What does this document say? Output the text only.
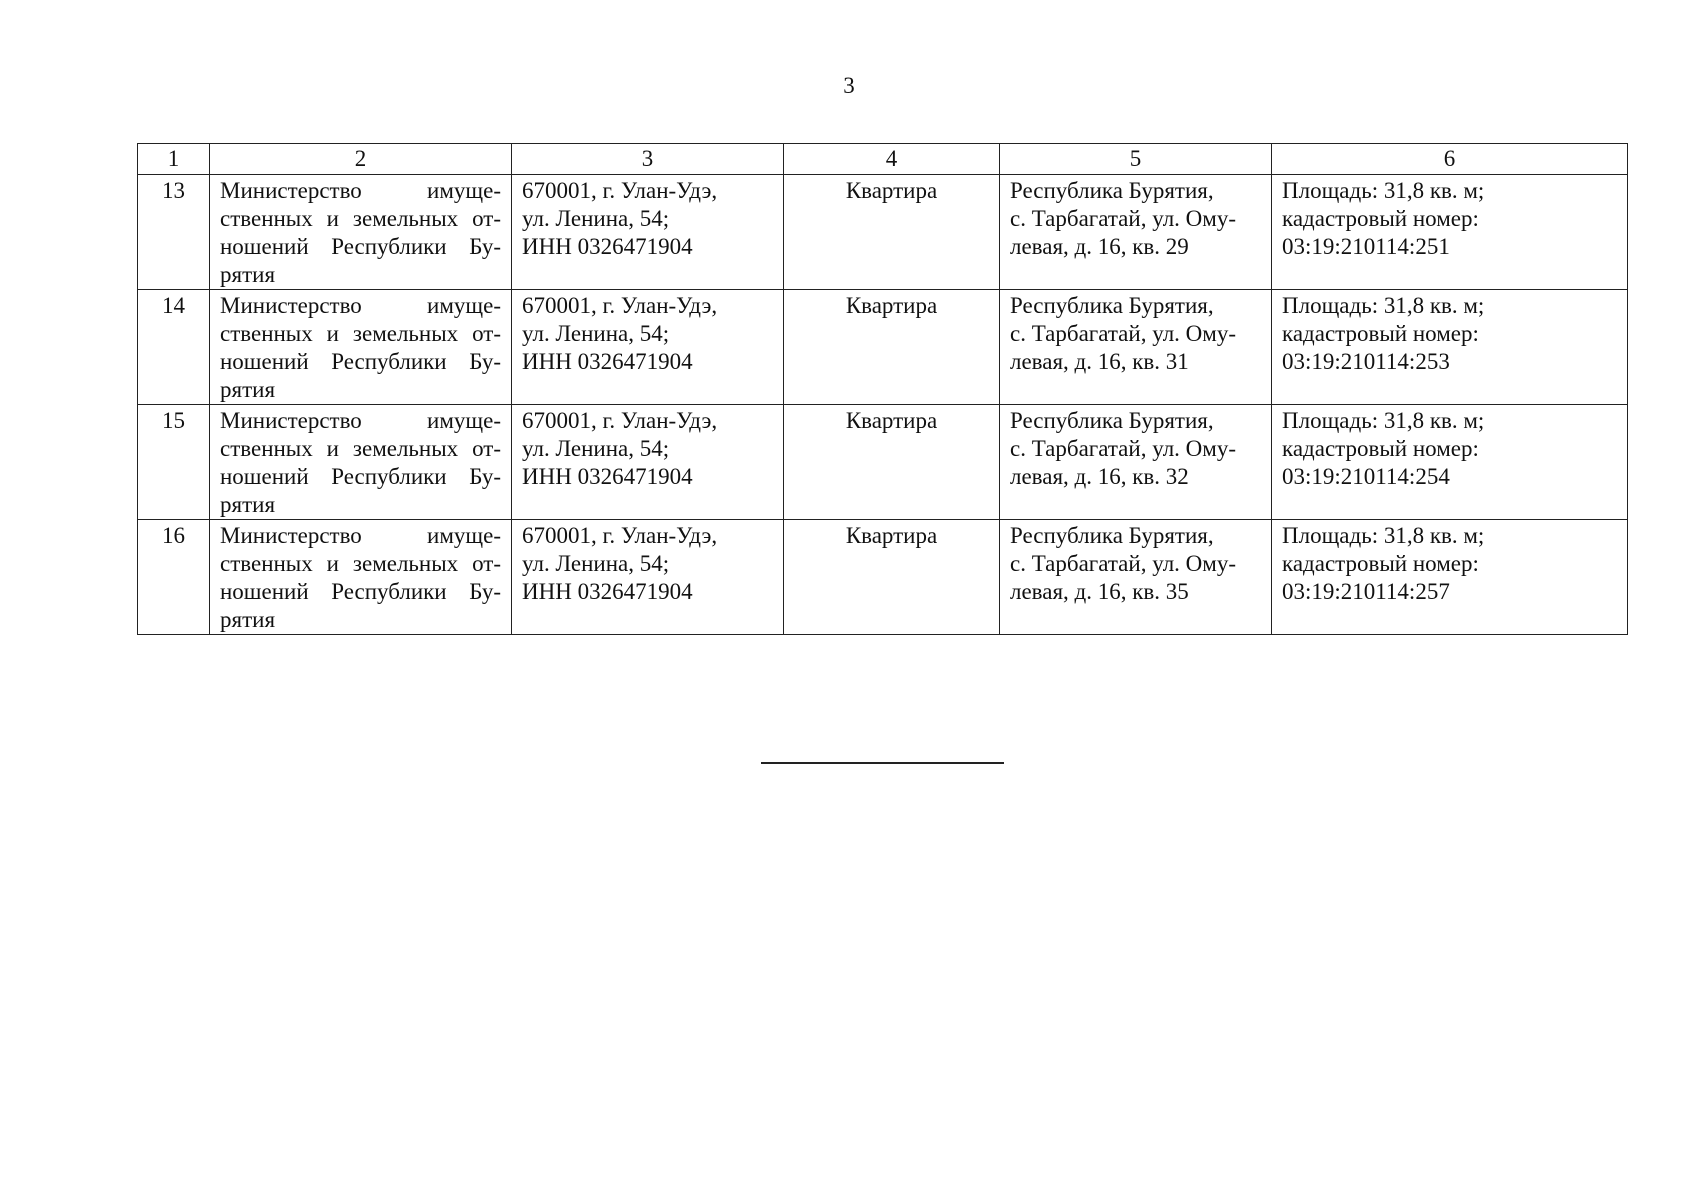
3
1	2	3	4	5	6
13	Министерство имуще-
ственных и земельных от-
ношений Республики Бу-
рятия	670001, г. Улан-Удэ,
ул. Ленина, 54;
ИНН 0326471904	Квартира	Республика Бурятия,
с. Тарбагатай, ул. Ому-
левая, д. 16, кв. 29	Площадь: 31,8 кв. м;
кадастровый номер:
03:19:210114:251

14	Министерство имуще-
ственных и земельных от-
ношений Республики Бу-
рятия	670001, г. Улан-Удэ,
ул. Ленина, 54;
ИНН 0326471904	Квартира	Республика Бурятия,
с. Тарбагатай, ул. Ому-
левая, д. 16, кв. 31	Площадь: 31,8 кв. м;
кадастровый номер:
03:19:210114:253

15	Министерство имуще-
ственных и земельных от-
ношений Республики Бу-
рятия	670001, г. Улан-Удэ,
ул. Ленина, 54;
ИНН 0326471904	Квартира	Республика Бурятия,
с. Тарбагатай, ул. Ому-
левая, д. 16, кв. 32	Площадь: 31,8 кв. м;
кадастровый номер:
03:19:210114:254

16	Министерство имуще-
ственных и земельных от-
ношений Республики Бу-
рятия	670001, г. Улан-Удэ,
ул. Ленина, 54;
ИНН 0326471904	Квартира	Республика Бурятия,
с. Тарбагатай, ул. Ому-
левая, д. 16, кв. 35	Площадь: 31,8 кв. м;
кадастровый номер:
03:19:210114:257
